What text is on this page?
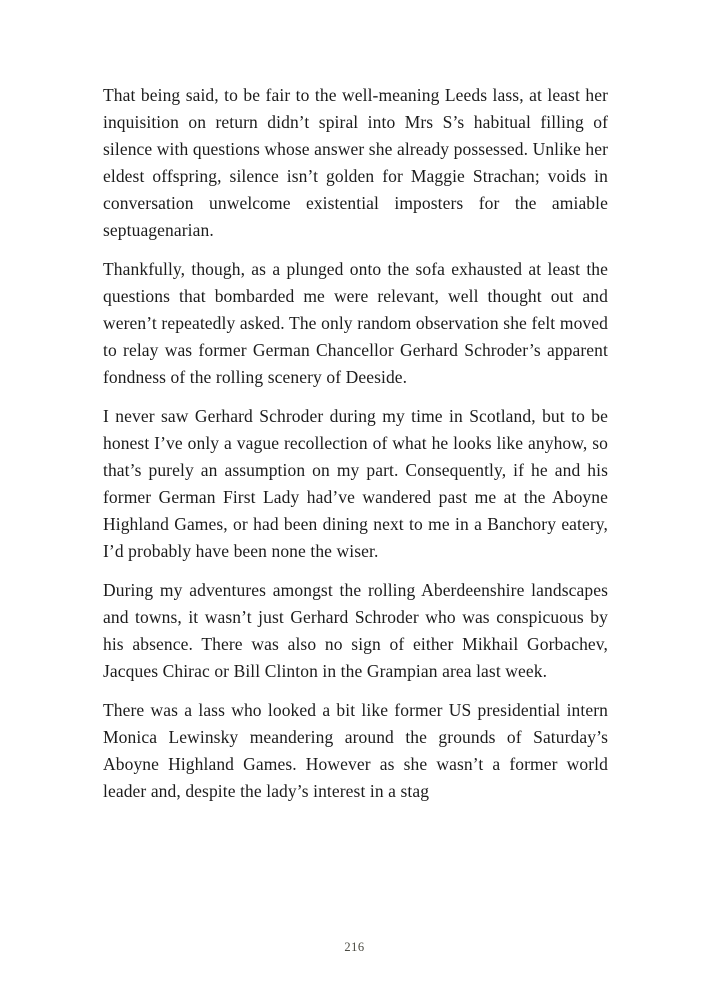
That being said, to be fair to the well-meaning Leeds lass, at least her inquisition on return didn’t spiral into Mrs S’s habitual filling of silence with questions whose answer she already possessed. Unlike her eldest offspring, silence isn’t golden for Maggie Strachan; voids in conversation unwelcome existential imposters for the amiable septuagenarian.

Thankfully, though, as a plunged onto the sofa exhausted at least the questions that bombarded me were relevant, well thought out and weren’t repeatedly asked. The only random observation she felt moved to relay was former German Chancellor Gerhard Schroder’s apparent fondness of the rolling scenery of Deeside.

I never saw Gerhard Schroder during my time in Scotland, but to be honest I’ve only a vague recollection of what he looks like anyhow, so that’s purely an assumption on my part. Consequently, if he and his former German First Lady had’ve wandered past me at the Aboyne Highland Games, or had been dining next to me in a Banchory eatery, I’d probably have been none the wiser.

During my adventures amongst the rolling Aberdeenshire landscapes and towns, it wasn’t just Gerhard Schroder who was conspicuous by his absence. There was also no sign of either Mikhail Gorbachev, Jacques Chirac or Bill Clinton in the Grampian area last week.

There was a lass who looked a bit like former US presidential intern Monica Lewinsky meandering around the grounds of Saturday’s Aboyne Highland Games. However as she wasn’t a former world leader and, despite the lady’s interest in a stag

216
